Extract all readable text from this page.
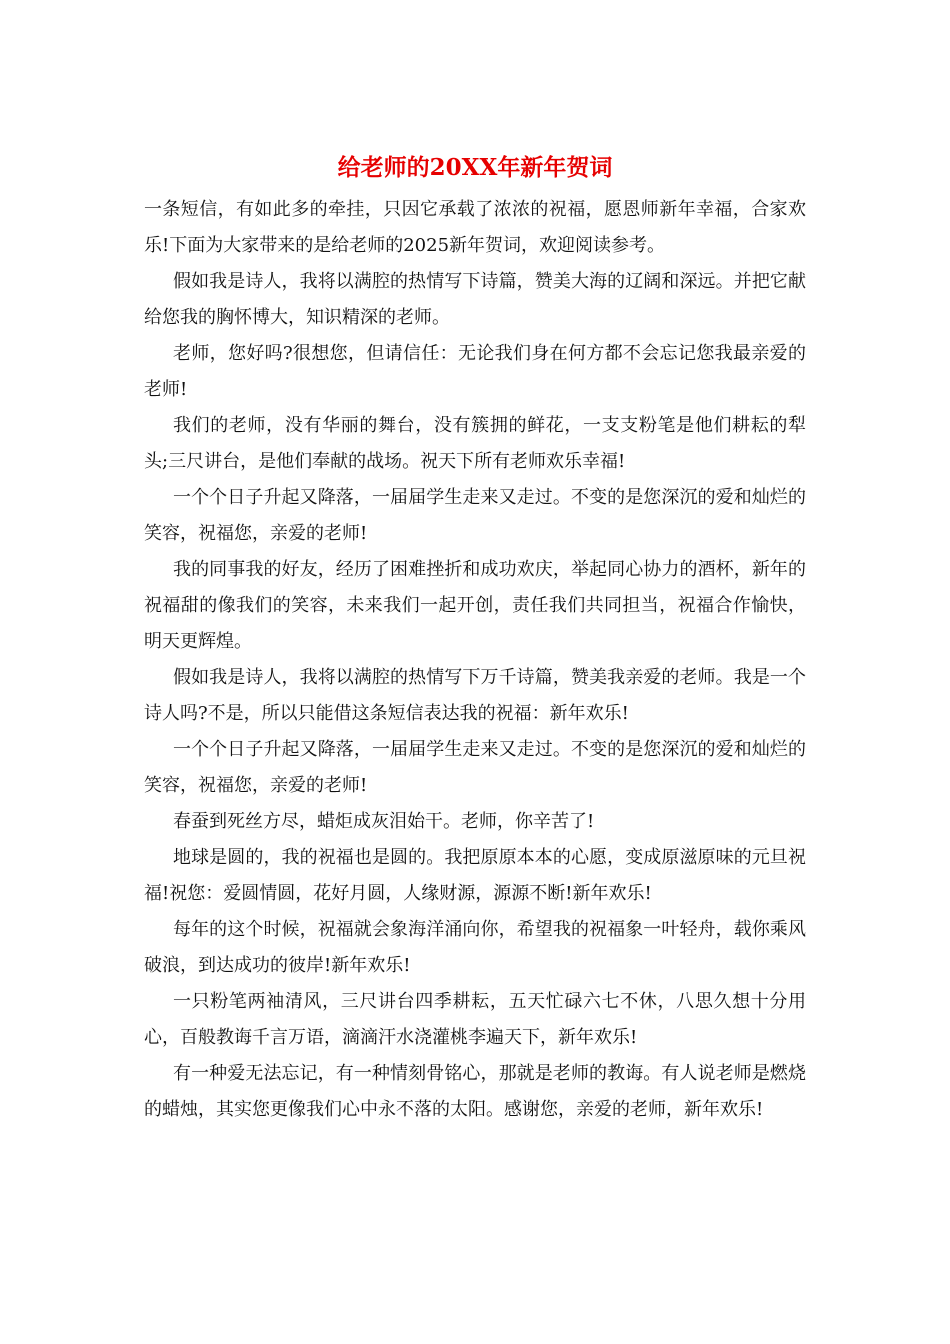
给老师的20XX年新年贺词

一条短信，有如此多的牵挂，只因它承载了浓浓的祝福，愿恩师新年幸福，合家欢乐!下面为大家带来的是给老师的2025新年贺词，欢迎阅读参考。

假如我是诗人，我将以满腔的热情写下诗篇，赞美大海的辽阔和深远。并把它献给您我的胸怀博大，知识精深的老师。

老师，您好吗?很想您，但请信任：无论我们身在何方都不会忘记您我最亲爱的老师!

我们的老师，没有华丽的舞台，没有簇拥的鲜花，一支支粉笔是他们耕耘的犁头;三尺讲台，是他们奉献的战场。祝天下所有老师欢乐幸福!

一个个日子升起又降落，一届届学生走来又走过。不变的是您深沉的爱和灿烂的笑容，祝福您，亲爱的老师!

我的同事我的好友，经历了困难挫折和成功欢庆，举起同心协力的酒杯，新年的祝福甜的像我们的笑容，未来我们一起开创，责任我们共同担当，祝福合作愉快，明天更辉煌。

假如我是诗人，我将以满腔的热情写下万千诗篇，赞美我亲爱的老师。我是一个诗人吗?不是，所以只能借这条短信表达我的祝福：新年欢乐!

一个个日子升起又降落，一届届学生走来又走过。不变的是您深沉的爱和灿烂的笑容，祝福您，亲爱的老师!

春蚕到死丝方尽，蜡炬成灰泪始干。老师，你辛苦了!

地球是圆的，我的祝福也是圆的。我把原原本本的心愿，变成原滋原味的元旦祝福!祝您：爱圆情圆，花好月圆，人缘财源，源源不断!新年欢乐!

每年的这个时候，祝福就会象海洋涌向你，希望我的祝福象一叶轻舟，载你乘风破浪，到达成功的彼岸!新年欢乐!

一只粉笔两袖清风，三尺讲台四季耕耘，五天忙碌六七不休，八思久想十分用心，百般教诲千言万语，滴滴汗水浇灌桃李遍天下，新年欢乐!

有一种爱无法忘记，有一种情刻骨铭心，那就是老师的教诲。有人说老师是燃烧的蜡烛，其实您更像我们心中永不落的太阳。感谢您，亲爱的老师，新年欢乐!
